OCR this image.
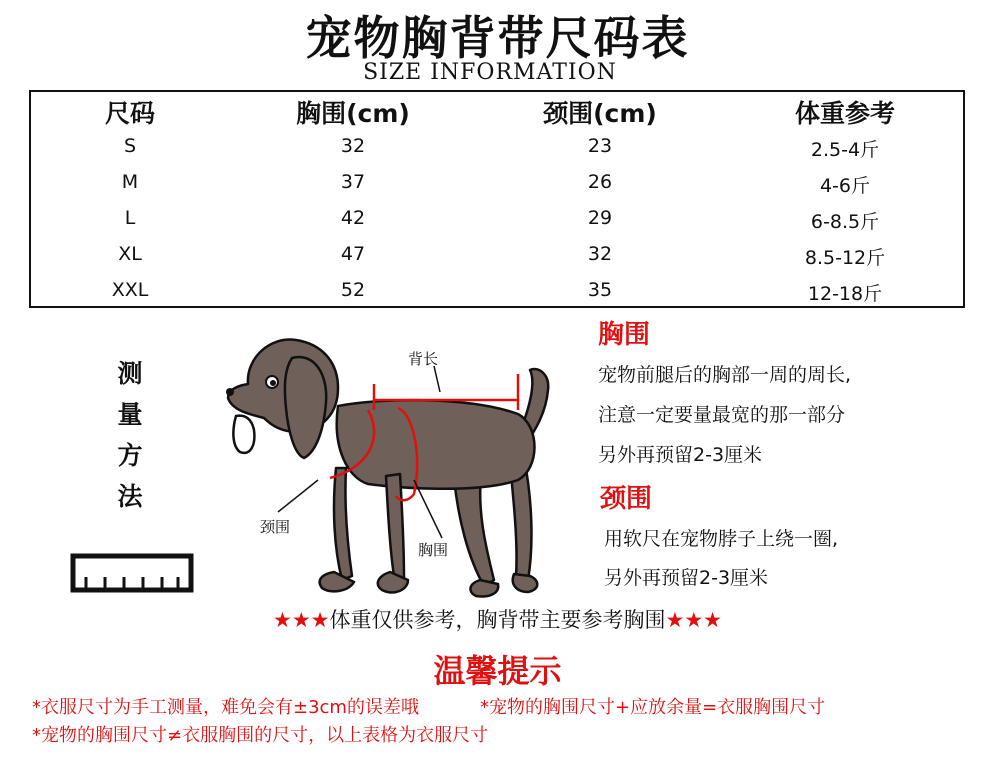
宠物胸背带尺码表
SIZE INFORMATION
尺码	胸围(cm)	颈围(cm)	体重参考
S	32	23	2.5-4斤
M	37	26	4-6斤
L	42	29	6-8.5斤
XL	47	32	8.5-12斤
XXL	52	35	12-18斤
测
量
方
法
背长
颈围
胸围
胸围
宠物前腿后的胸部一周的周长,
注意一定要量最宽的那一部分
另外再预留2-3厘米
颈围
用软尺在宠物脖子上绕一圈,
另外再预留2-3厘米
★★★体重仅供参考，胸背带主要参考胸围★★★
温馨提示
*衣服尺寸为手工测量，难免会有±3cm的误差哦	*宠物的胸围尺寸+应放余量=衣服胸围尺寸
*宠物的胸围尺寸≠衣服胸围的尺寸，以上表格为衣服尺寸
